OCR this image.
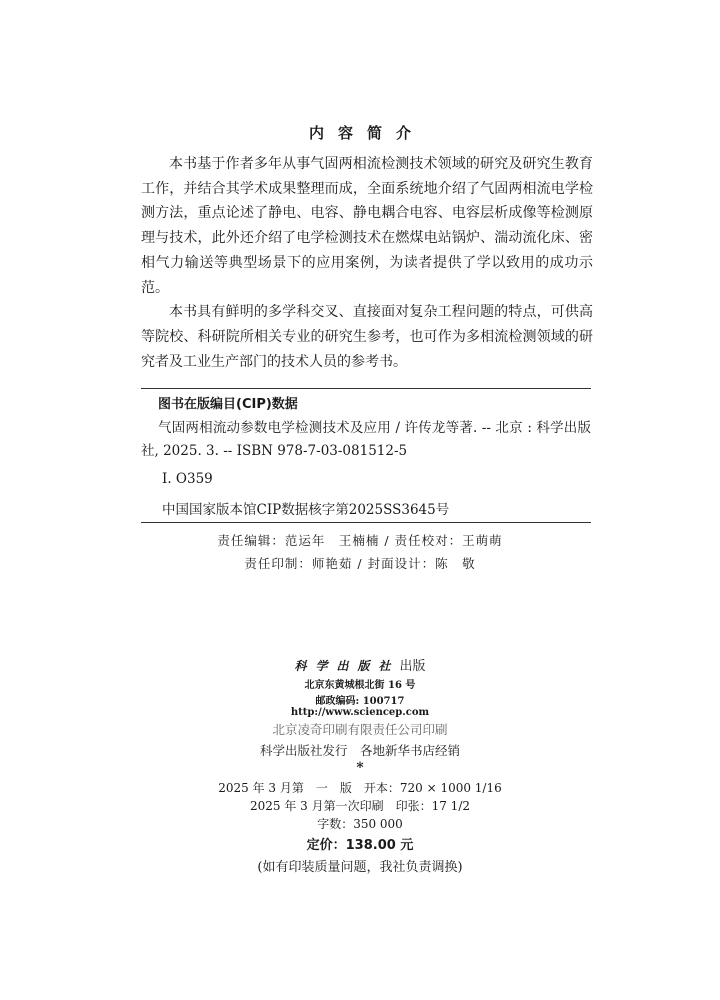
内容简介

本书基于作者多年从事气固两相流检测技术领域的研究及研究生教育工作，并结合其学术成果整理而成，全面系统地介绍了气固两相流电学检测方法，重点论述了静电、电容、静电耦合电容、电容层析成像等检测原理与技术，此外还介绍了电学检测技术在燃煤电站锅炉、湍动流化床、密相气力输送等典型场景下的应用案例，为读者提供了学以致用的成功示范。

本书具有鲜明的多学科交叉、直接面对复杂工程问题的特点，可供高等院校、科研院所相关专业的研究生参考，也可作为多相流检测领域的研究者及工业生产部门的技术人员的参考书。

图书在版编目(CIP)数据
气固两相流动参数电学检测技术及应用 / 许传龙等著. -- 北京 : 科学出版社, 2025. 3. -- ISBN 978-7-03-081512-5
Ⅰ. O359
中国国家版本馆CIP数据核字第2025SS3645号
责任编辑：范运年　王楠楠 / 责任校对：王萌萌
责任印制：师艳茹 / 封面设计：陈　敬
科学出版社出版
北京东黄城根北街 16 号
邮政编码: 100717
http://www.sciencep.com
北京凌奇印刷有限责任公司印刷
科学出版社发行　各地新华书店经销
*
2025 年 3 月第　一　版　开本：720 × 1000 1/16
2025 年 3 月第一次印刷　印张：17 1/2
字数：350 000
定价：138.00 元
(如有印装质量问题，我社负责调换)
